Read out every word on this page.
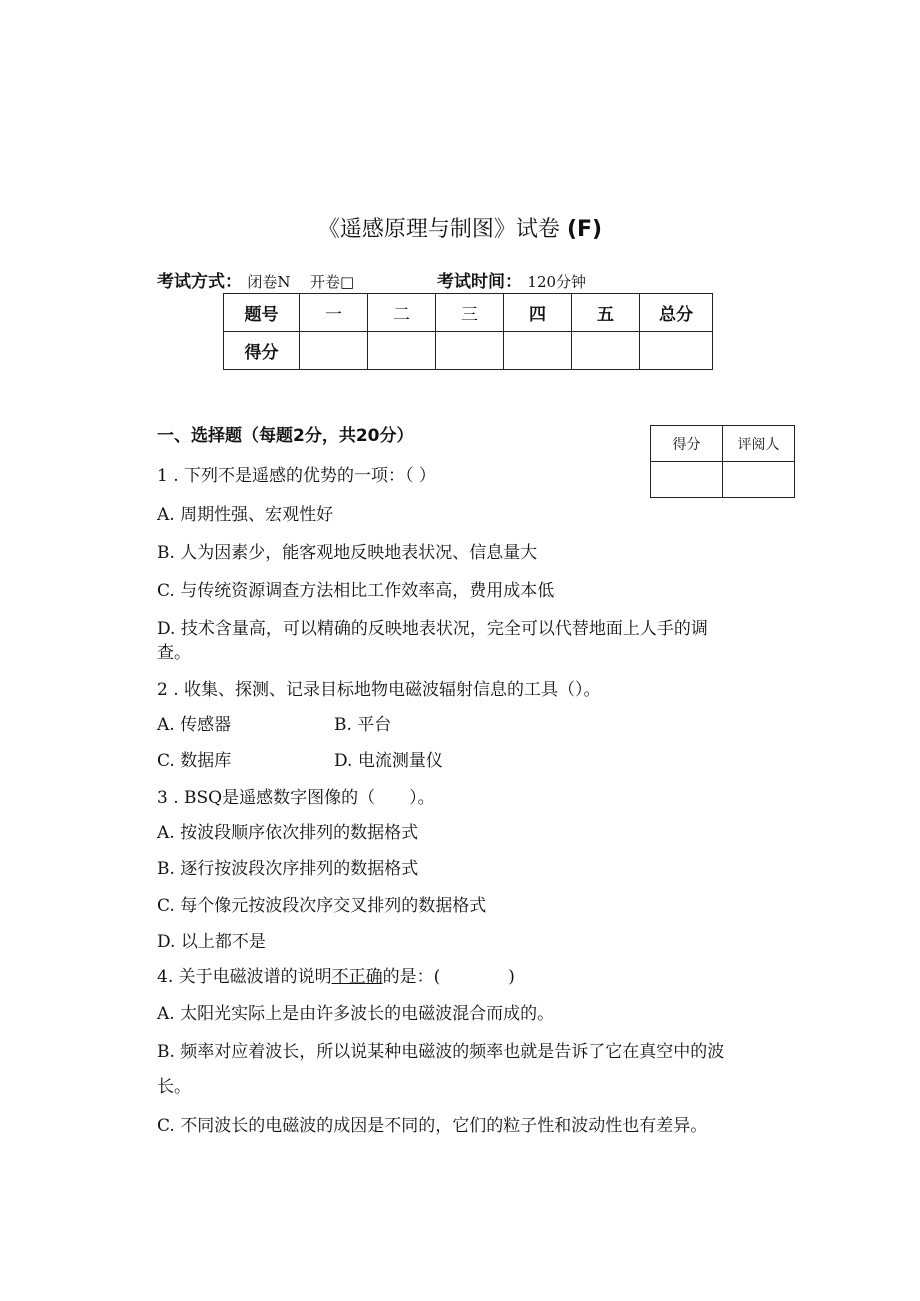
《遥感原理与制图》试卷 (F)
考试方式： 闭卷N 开卷□	考试时间： 120分钟
题号	一	二	三	四	五	总分
得分						
一、选择题（每题2分，共20分）	得分	评阅人

1 . 下列不是遥感的优势的一项：（ ）
A. 周期性强、宏观性好
B. 人为因素少，能客观地反映地表状况、信息量大
C. 与传统资源调查方法相比工作效率高，费用成本低
D. 技术含量高，可以精确的反映地表状况，完全可以代替地面上人手的调
查。
2 . 收集、探测、记录目标地物电磁波辐射信息的工具（）。
A. 传感器	B. 平台
C. 数据库	D. 电流测量仪
3 . BSQ是遥感数字图像的（　　）。
A. 按波段顺序依次排列的数据格式
B. 逐行按波段次序排列的数据格式
C. 每个像元按波段次序交叉排列的数据格式
D. 以上都不是
4. 关于电磁波谱的说明不正确的是：(　　　　)
A. 太阳光实际上是由许多波长的电磁波混合而成的。
B. 频率对应着波长，所以说某种电磁波的频率也就是告诉了它在真空中的波
长。
C. 不同波长的电磁波的成因是不同的，它们的粒子性和波动性也有差异。
